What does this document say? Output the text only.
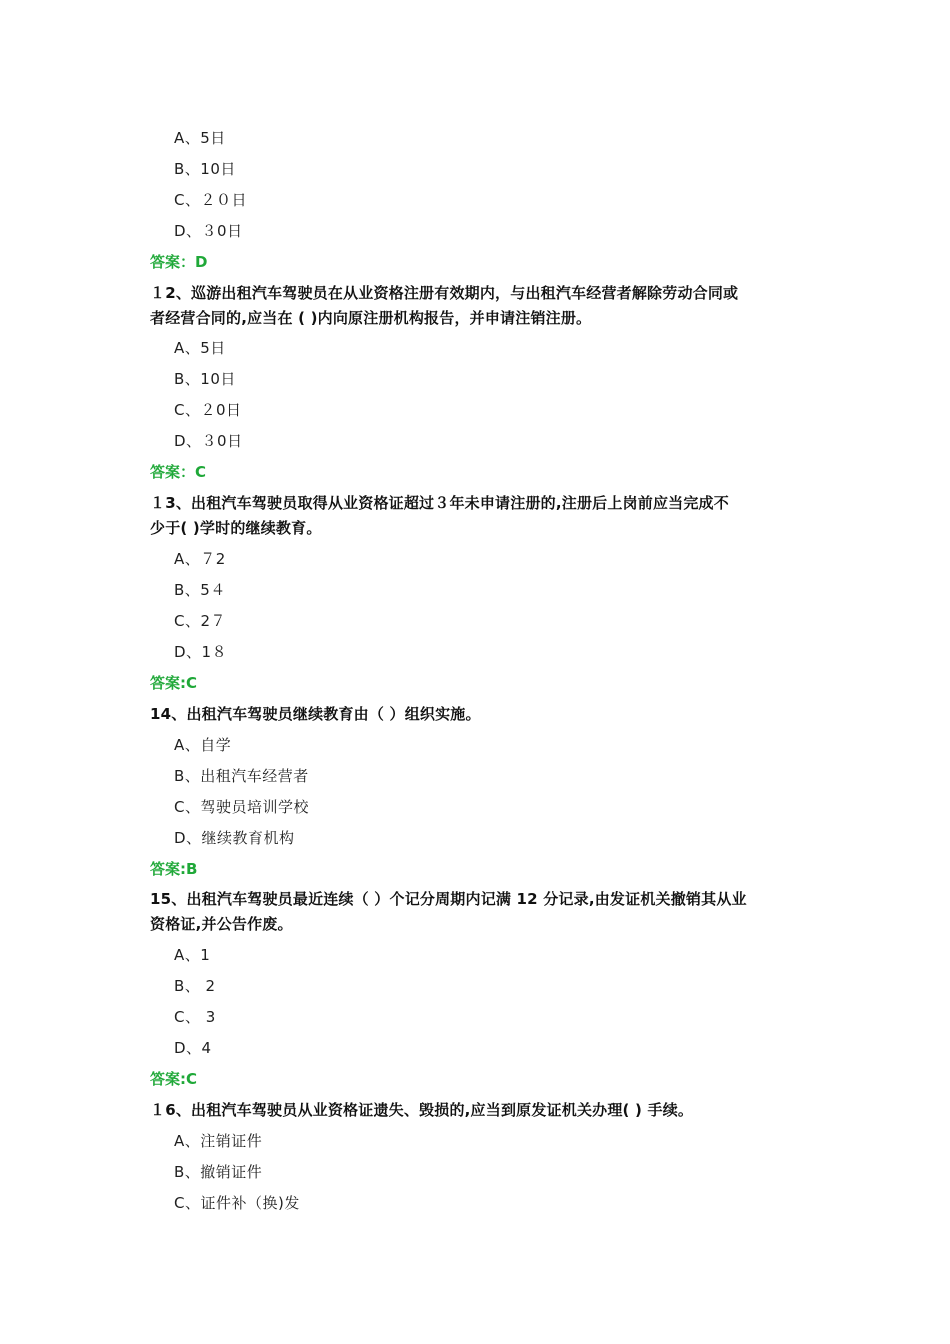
A、5日
B、10日
C、２０日
D、３0日
答案：D
１2、巡游出租汽车驾驶员在从业资格注册有效期内，与出租汽车经营者解除劳动合同或
者经营合同的,应当在 ( )内向原注册机构报告，并申请注销注册。
A、5日
B、10日
C、２0日
D、３0日
答案：C
１3、出租汽车驾驶员取得从业资格证超过３年未申请注册的,注册后上岗前应当完成不
少于( )学时的继续教育。
A、７2
B、5４
C、2７
D、1８
答案:C
14、出租汽车驾驶员继续教育由（ ）组织实施。
A、自学
B、出租汽车经营者
C、驾驶员培训学校
D、继续教育机构
答案:B
15、出租汽车驾驶员最近连续（ ）个记分周期内记满 12 分记录,由发证机关撤销其从业
资格证,并公告作废。
A、1
B、 2
C、 3
D、4
答案:C
１6、出租汽车驾驶员从业资格证遗失、毁损的,应当到原发证机关办理( ) 手续。
A、注销证件
B、撤销证件
C、证件补（换)发
